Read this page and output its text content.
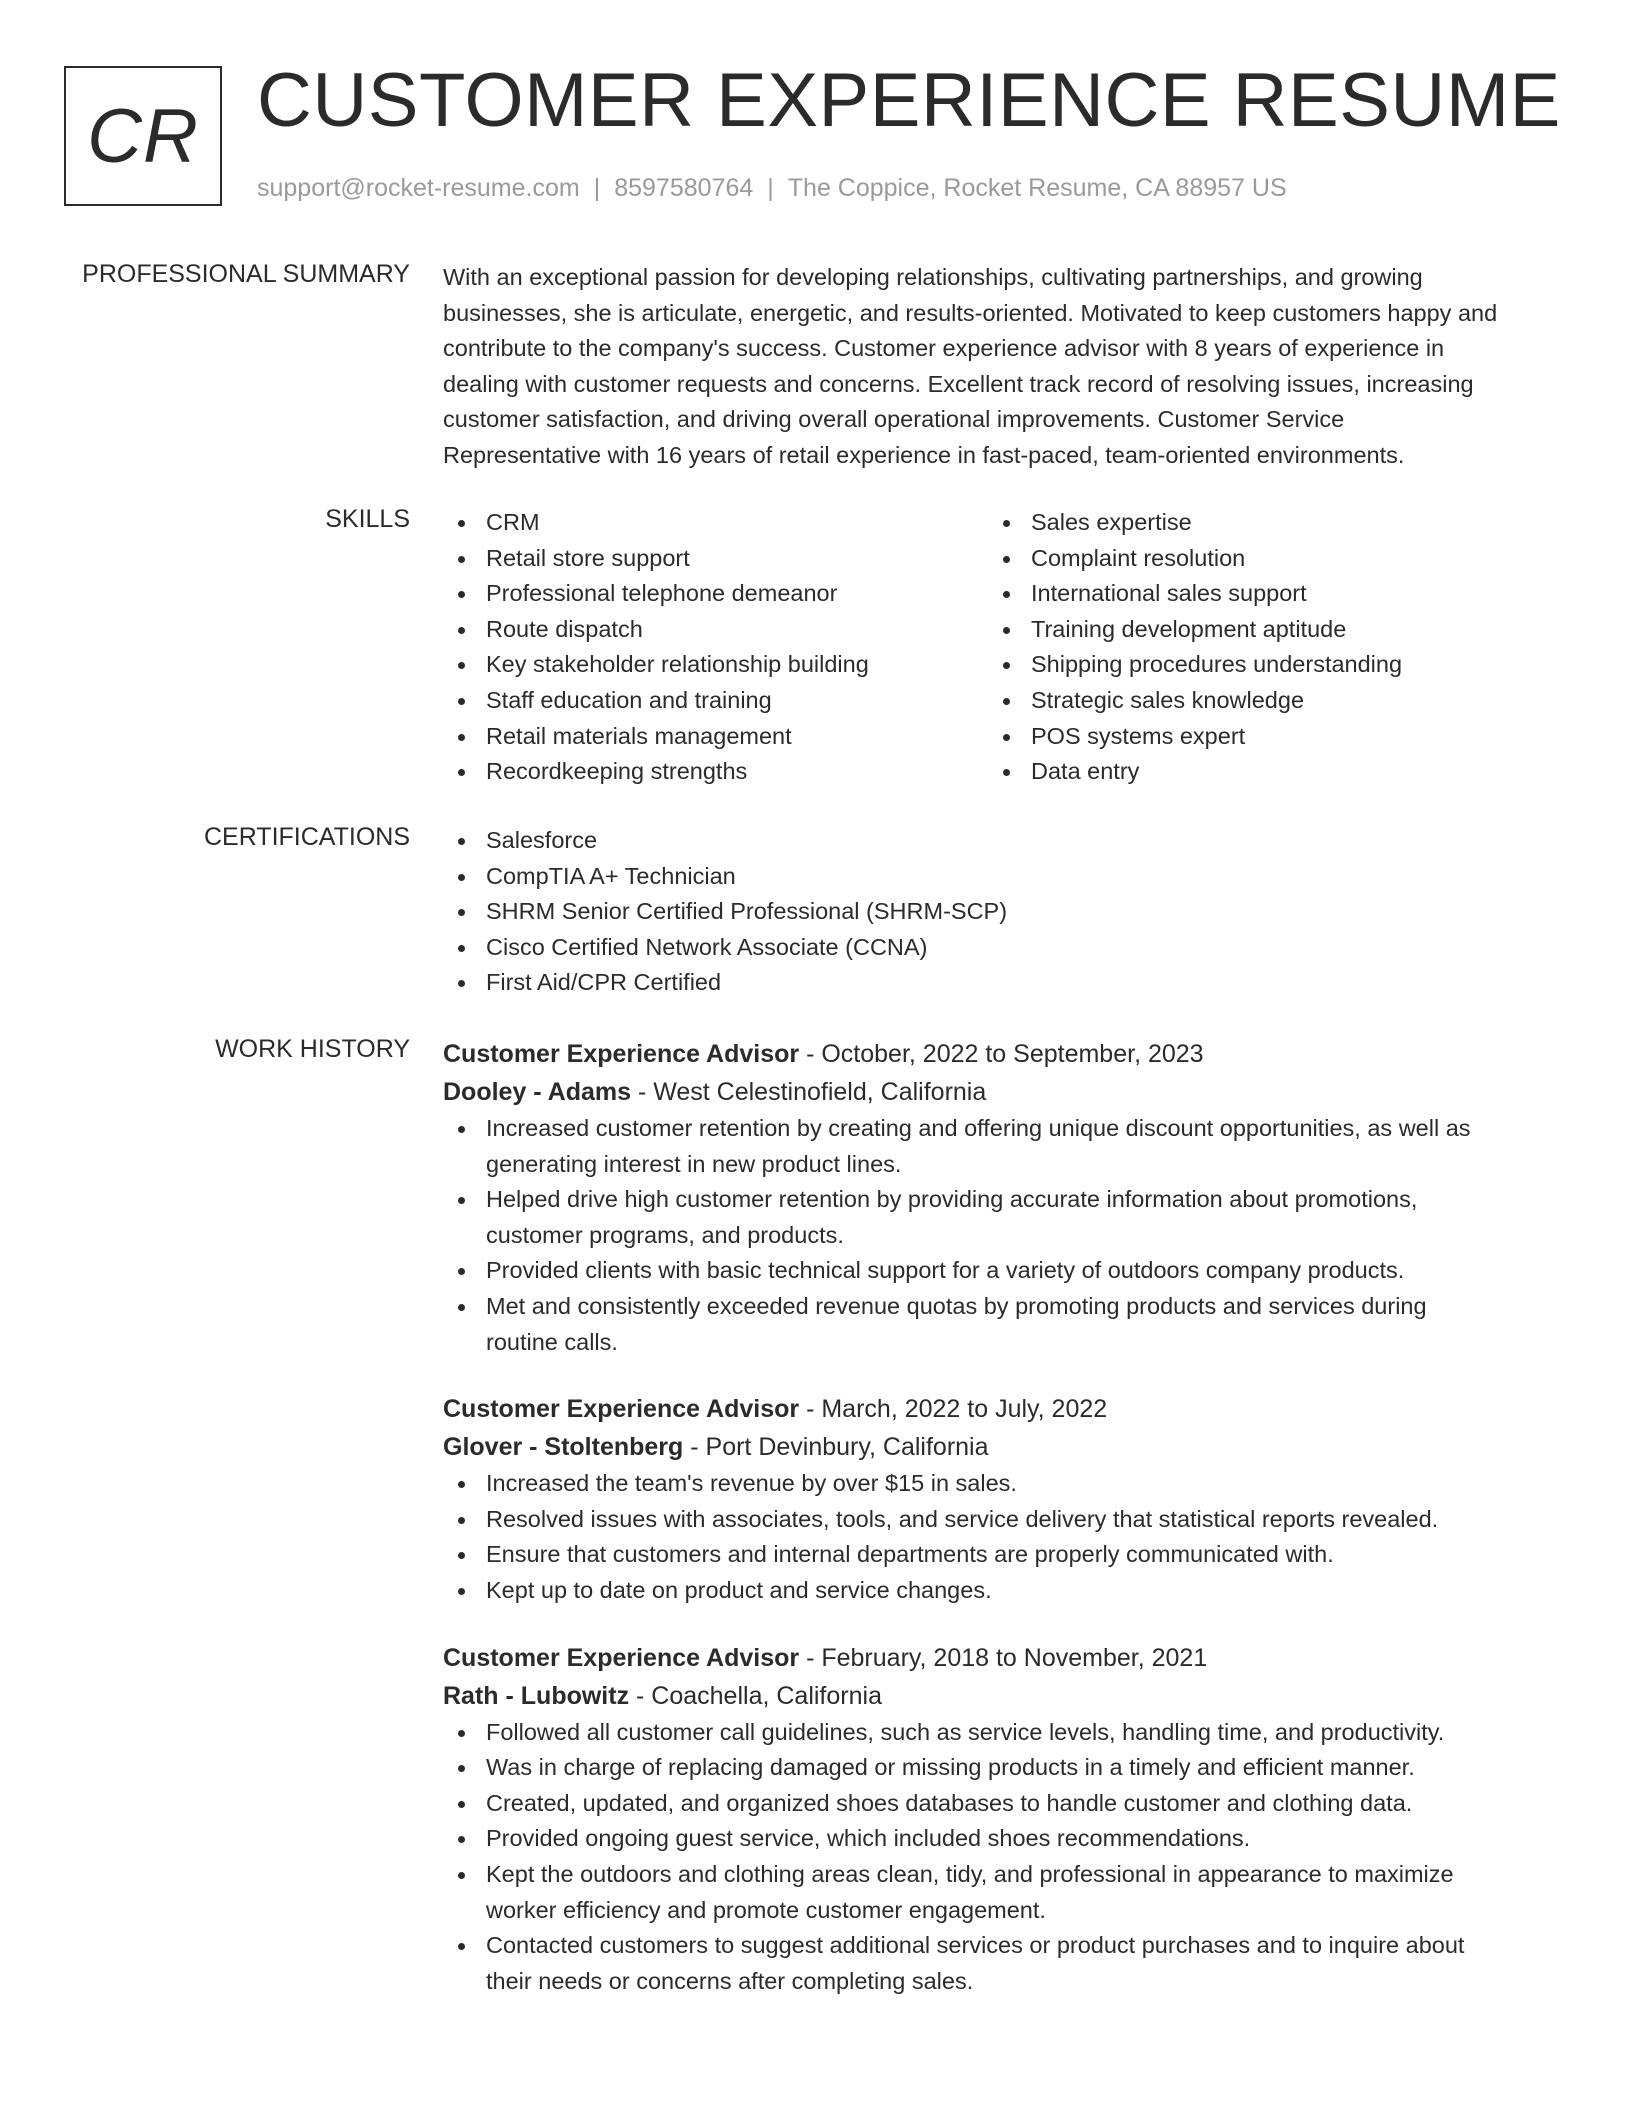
CR CUSTOMER EXPERIENCE RESUME
support@rocket-resume.com | 8597580764 | The Coppice, Rocket Resume, CA 88957 US
PROFESSIONAL SUMMARY With an exceptional passion for developing relationships, cultivating partnerships, and growing
businesses, she is articulate, energetic, and results-oriented. Motivated to keep customers happy and
contribute to the company's success. Customer experience advisor with 8 years of experience in
dealing with customer requests and concerns. Excellent track record of resolving issues, increasing
customer satisfaction, and driving overall operational improvements. Customer Service
Representative with 16 years of retail experience in fast-paced, team-oriented environments.
SKILLS	CRM
Retail store support
Professional telephone demeanor
Route dispatch
Key stakeholder relationship building
Staff education and training
Retail materials management
Recordkeeping strengths
Sales expertise
Complaint resolution
International sales support
Training development aptitude
Shipping procedures understanding
Strategic sales knowledge
POS systems expert
Data entry
CERTIFICATIONS	Salesforce
CompTIA A+ Technician
SHRM Senior Certified Professional (SHRM-SCP)
Cisco Certified Network Associate (CCNA)
First Aid/CPR Certified
WORK HISTORY Customer Experience Advisor - October, 2022 to September, 2023
Dooley - Adams - West Celestinofield, California
Increased customer retention by creating and offering unique discount opportunities, as well as
generating interest in new product lines.
Helped drive high customer retention by providing accurate information about promotions,
customer programs, and products.
Provided clients with basic technical support for a variety of outdoors company products.
Met and consistently exceeded revenue quotas by promoting products and services during
routine calls.
Customer Experience Advisor - March, 2022 to July, 2022
Glover - Stoltenberg - Port Devinbury, California
Increased the team's revenue by over $15 in sales.
Resolved issues with associates, tools, and service delivery that statistical reports revealed.
Ensure that customers and internal departments are properly communicated with.
Kept up to date on product and service changes.
Customer Experience Advisor - February, 2018 to November, 2021
Rath - Lubowitz - Coachella, California
Followed all customer call guidelines, such as service levels, handling time, and productivity.
Was in charge of replacing damaged or missing products in a timely and efficient manner.
Created, updated, and organized shoes databases to handle customer and clothing data.
Provided ongoing guest service, which included shoes recommendations.
Kept the outdoors and clothing areas clean, tidy, and professional in appearance to maximize
worker efficiency and promote customer engagement.
Contacted customers to suggest additional services or product purchases and to inquire about
their needs or concerns after completing sales.
